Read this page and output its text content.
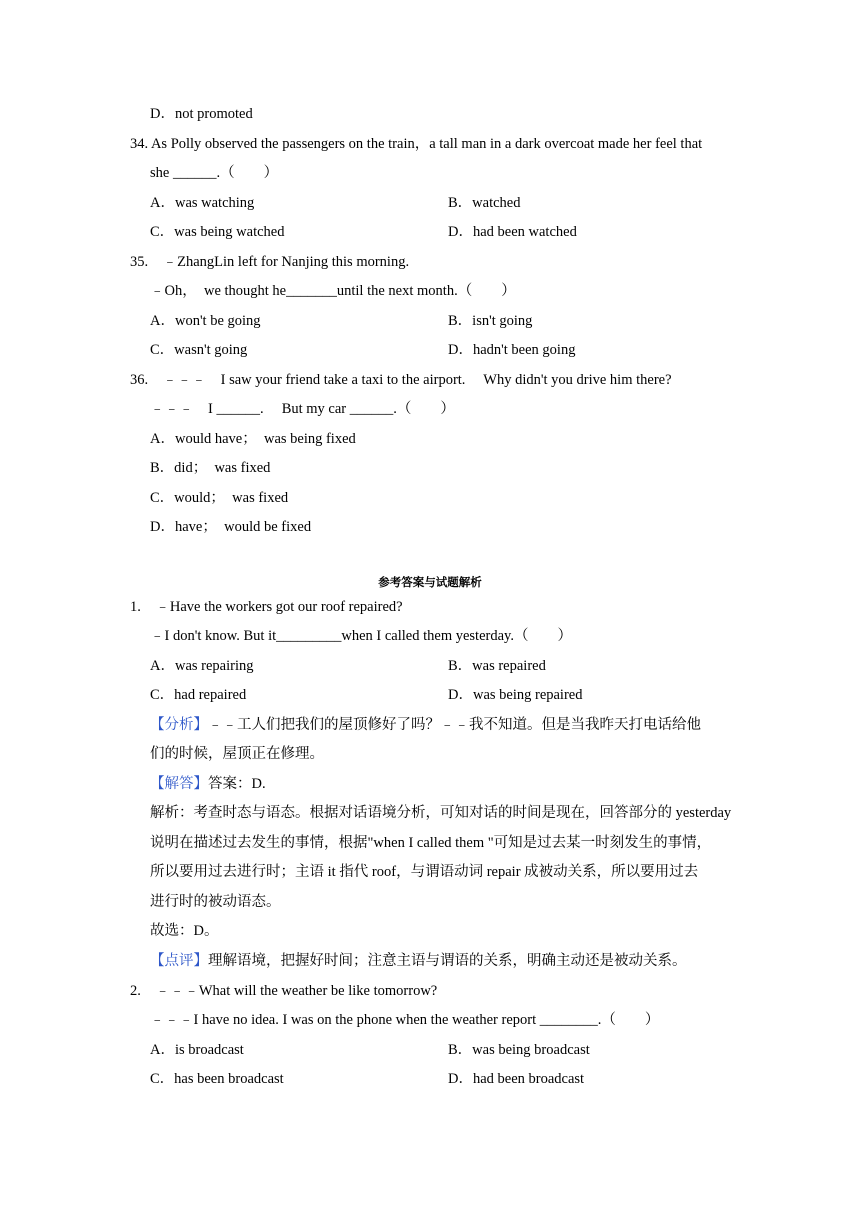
D．not promoted
34. As Polly observed the passengers on the train，a tall man in a dark overcoat made her feel that
she ______.（　　）
A．was watching	B．watched
C．was being watched	D．had been watched
35.　﹣ZhangLin left for Nanjing this morning.
﹣Oh，　we thought he_______until the next month.（　　）
A．won't be going	B．isn't going
C．wasn't going	D．hadn't been going
36.　﹣﹣﹣　I saw your friend take a taxi to the airport.　 Why didn't you drive him there?
﹣﹣﹣　I ______.　 But my car ______.（　　）
A．would have；　was being fixed
B．did；　was fixed
C．would；　was fixed
D．have；　would be fixed
参考答案与试题解析
1.　﹣Have the workers got our roof repaired?
﹣I don't know. But it_________when I called them yesterday.（　　）
A．was repairing	B．was repaired
C．had repaired	D．was being repaired
【分析】﹣﹣工人们把我们的屋顶修好了吗？﹣﹣我不知道。但是当我昨天打电话给他
们的时候，屋顶正在修理。
【解答】答案：D.
解析：考查时态与语态。根据对话语境分析，可知对话的时间是现在，回答部分的 yesterday
说明在描述过去发生的事情，根据"when I called them "可知是过去某一时刻发生的事情，
所以要用过去进行时；主语 it 指代 roof，与谓语动词 repair 成被动关系，所以要用过去
进行时的被动语态。
故选：D。
【点评】理解语境，把握好时间；注意主语与谓语的关系，明确主动还是被动关系。
2.　﹣﹣﹣What will the weather be like tomorrow?
﹣﹣﹣I have no idea. I was on the phone when the weather report ________.（　　）
A．is broadcast	B．was being broadcast
C．has been broadcast	D．had been broadcast
